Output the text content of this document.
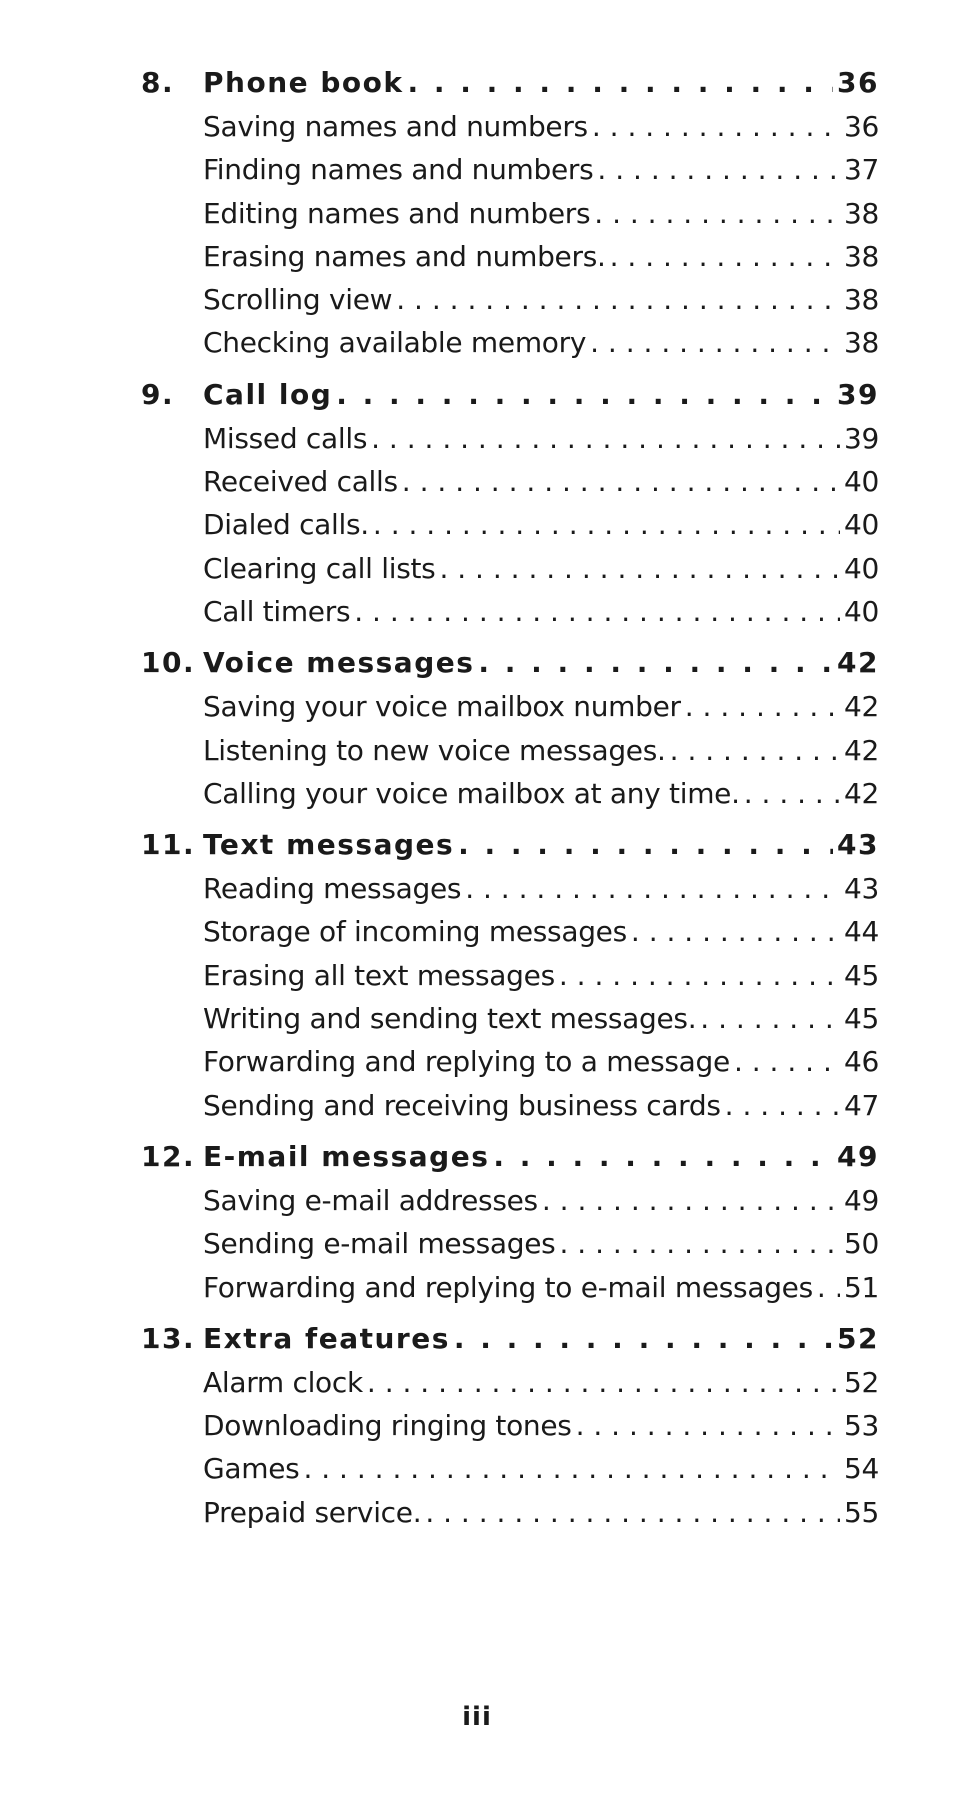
8.	Phone book . . .	36
Saving names and numbers . . .	36
Finding names and numbers . . .	37
Editing names and numbers . . .	38
Erasing names and numbers. . . .	38
Scrolling view . . .	38
Checking available memory . . .	38
9.	Call log . . .	39
Missed calls . . .	39
Received calls . . .	40
Dialed calls. . . .	40
Clearing call lists . . .	40
Call timers . . .	40
10. Voice messages . . .	42
Saving your voice mailbox number . . .	42
Listening to new voice messages. . . .	42
Calling your voice mailbox at any time. . . .	42
11. Text messages . . .	43
Reading messages . . .	43
Storage of incoming messages . . .	44
Erasing all text messages . . .	45
Writing and sending text messages. . . .	45
Forwarding and replying to a message . . .	46
Sending and receiving business cards . . .	47
12. E-mail messages . . .	49
Saving e-mail addresses . . .	49
Sending e-mail messages . . .	50
Forwarding and replying to e-mail messages . . . 51
13. Extra features . . .	52
Alarm clock . . .	52
Downloading ringing tones . . .	53
Games . . .	54
Prepaid service. . . .	55
iii
